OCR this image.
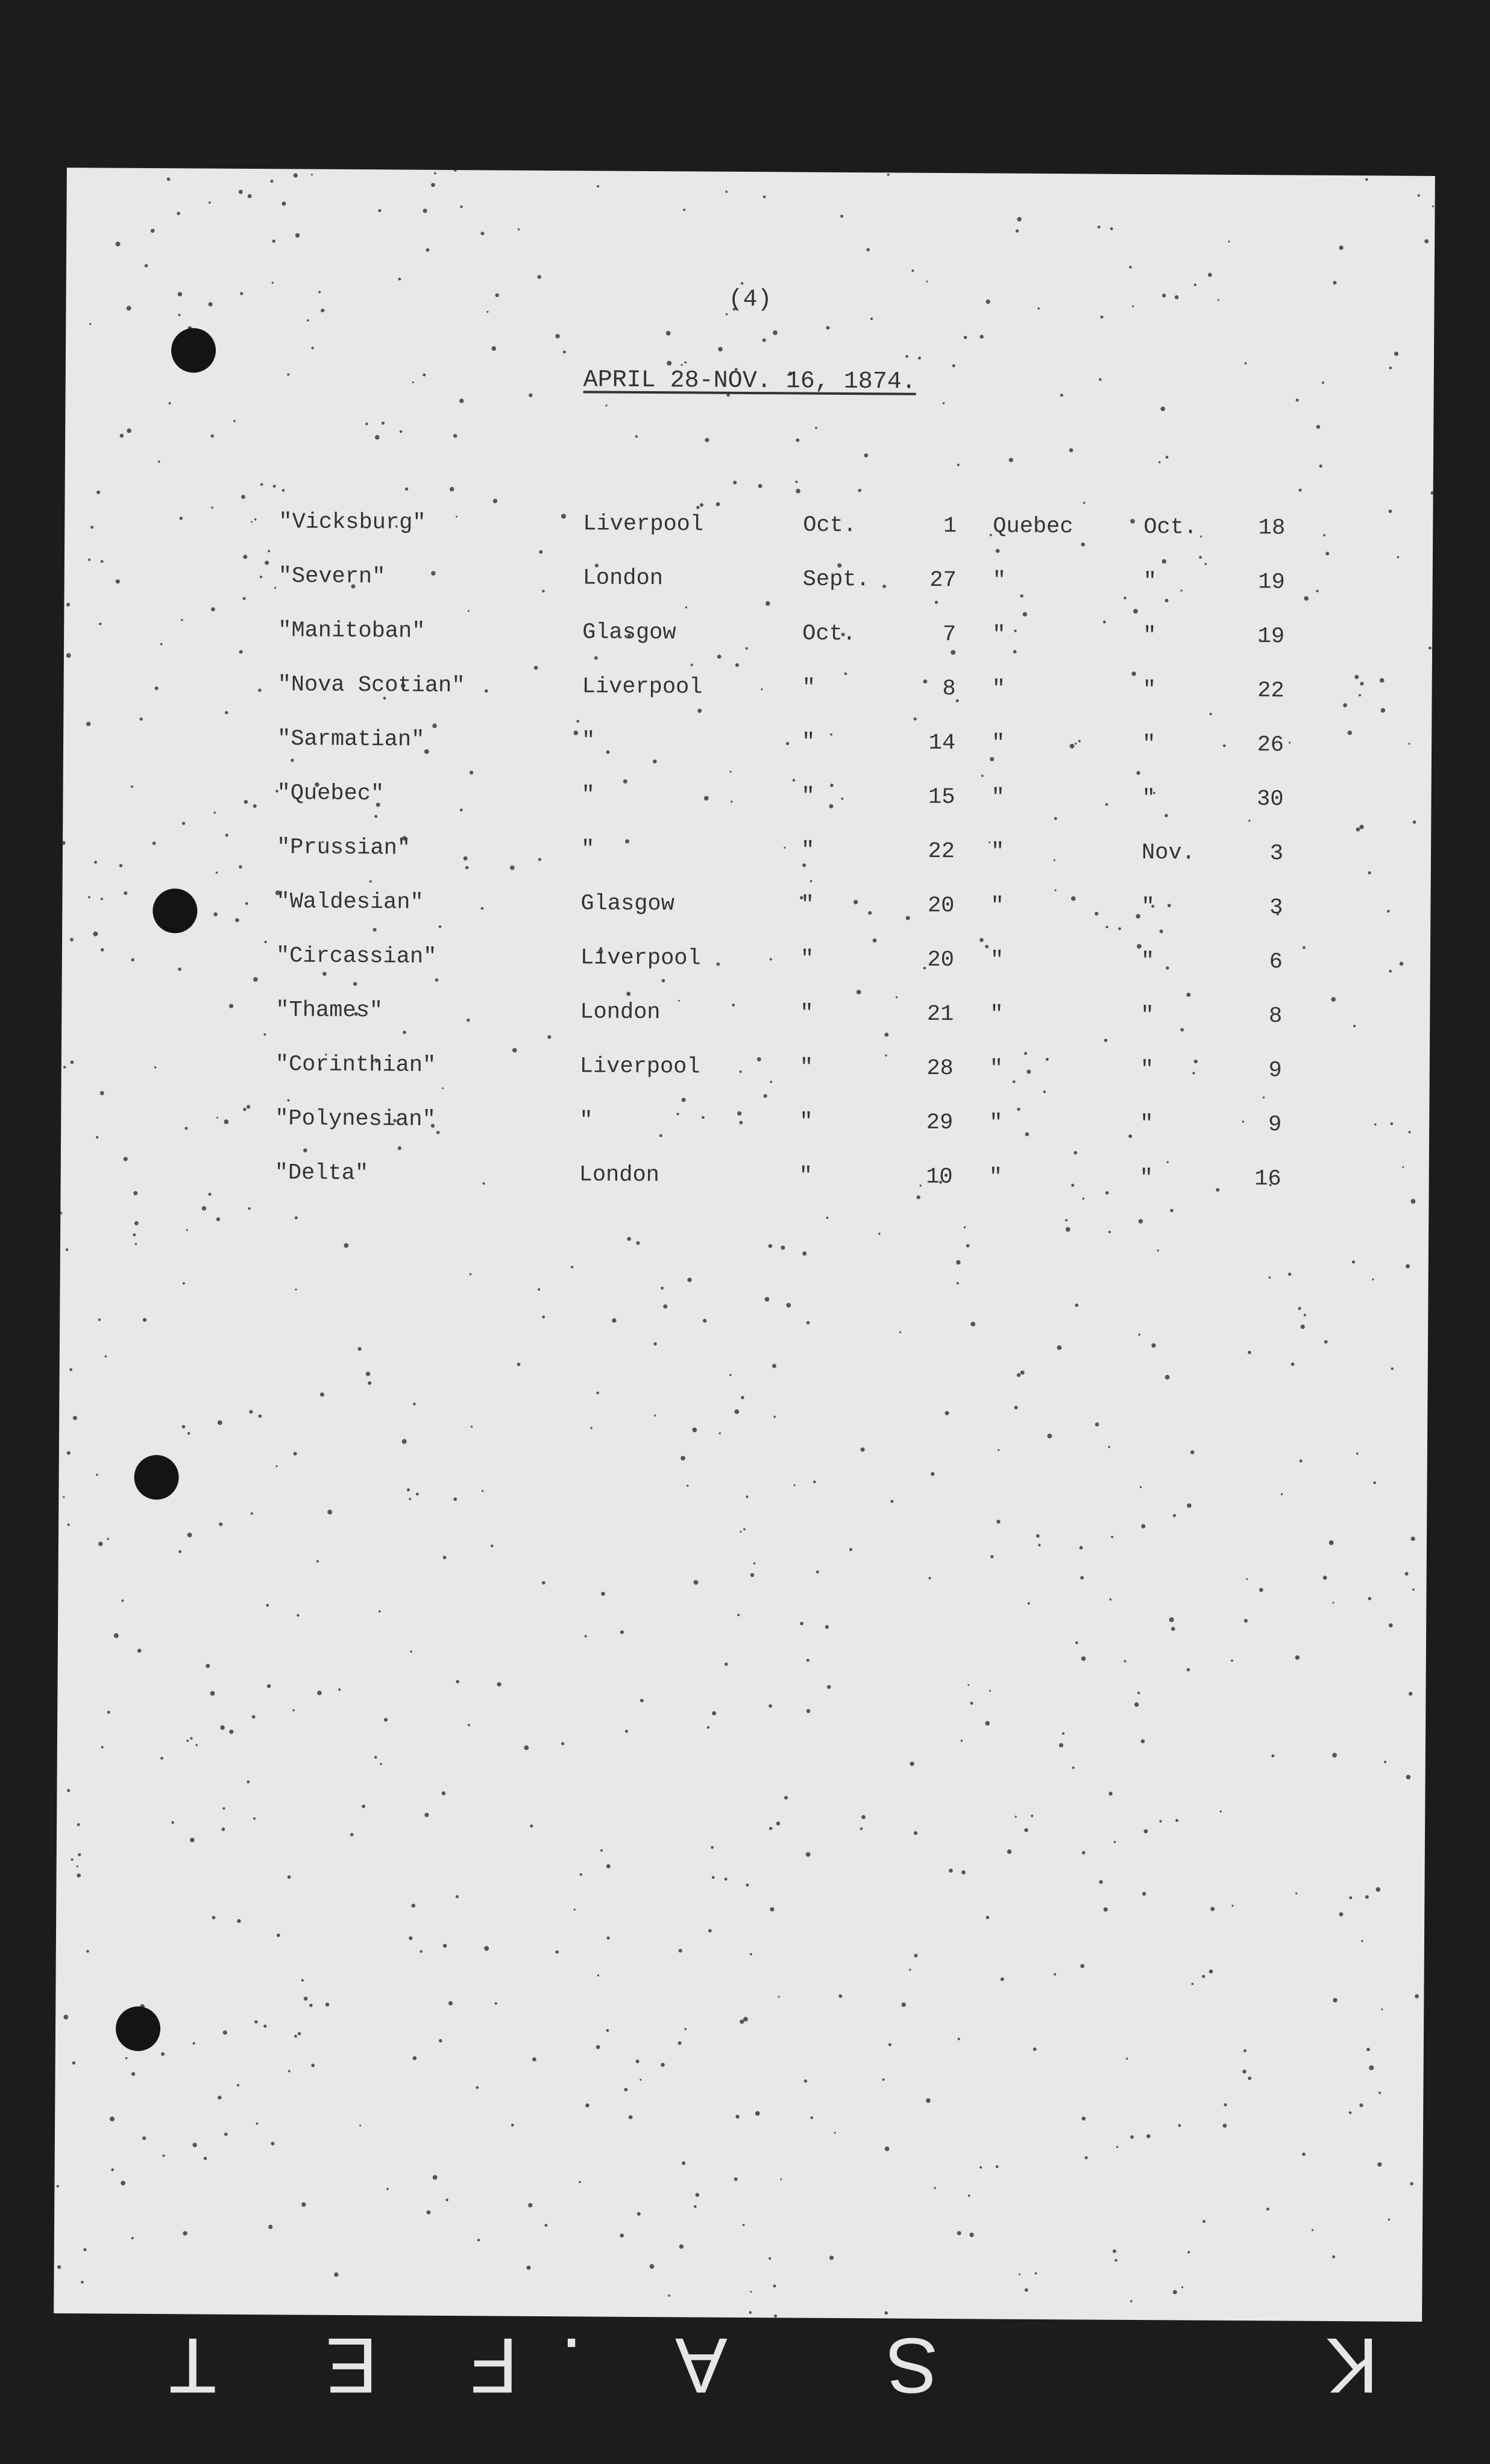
(4)
APRIL 28-NOV. 16, 1874.
"Vicksburg"	Liverpool	Oct.	1 Quebec	Oct.	18
"Severn"	London	Sept.	27 "	"	19
"Manitoban"	Glasgow	Oct.	7 "	"	19
"Nova Scotian"	Liverpool	"	8 "	"	22
"Sarmatian"	"	"	14 "	"	26
"Quebec"	"	"	15 "	"	30
"Prussian"	"	"	22 "	Nov.	3
"Waldesian"	Glasgow	"	20 "	"	3
"Circassian"	Liverpool	"	20 "	"	6
"Thames"	London	"	21 "	"	8
"Corinthian"	Liverpool	"	28 "	"	9
"Polynesian"	"	"	29 "	"	9
"Delta"	London	"	10 "	"	16
K
S
A
.
F
E
T
